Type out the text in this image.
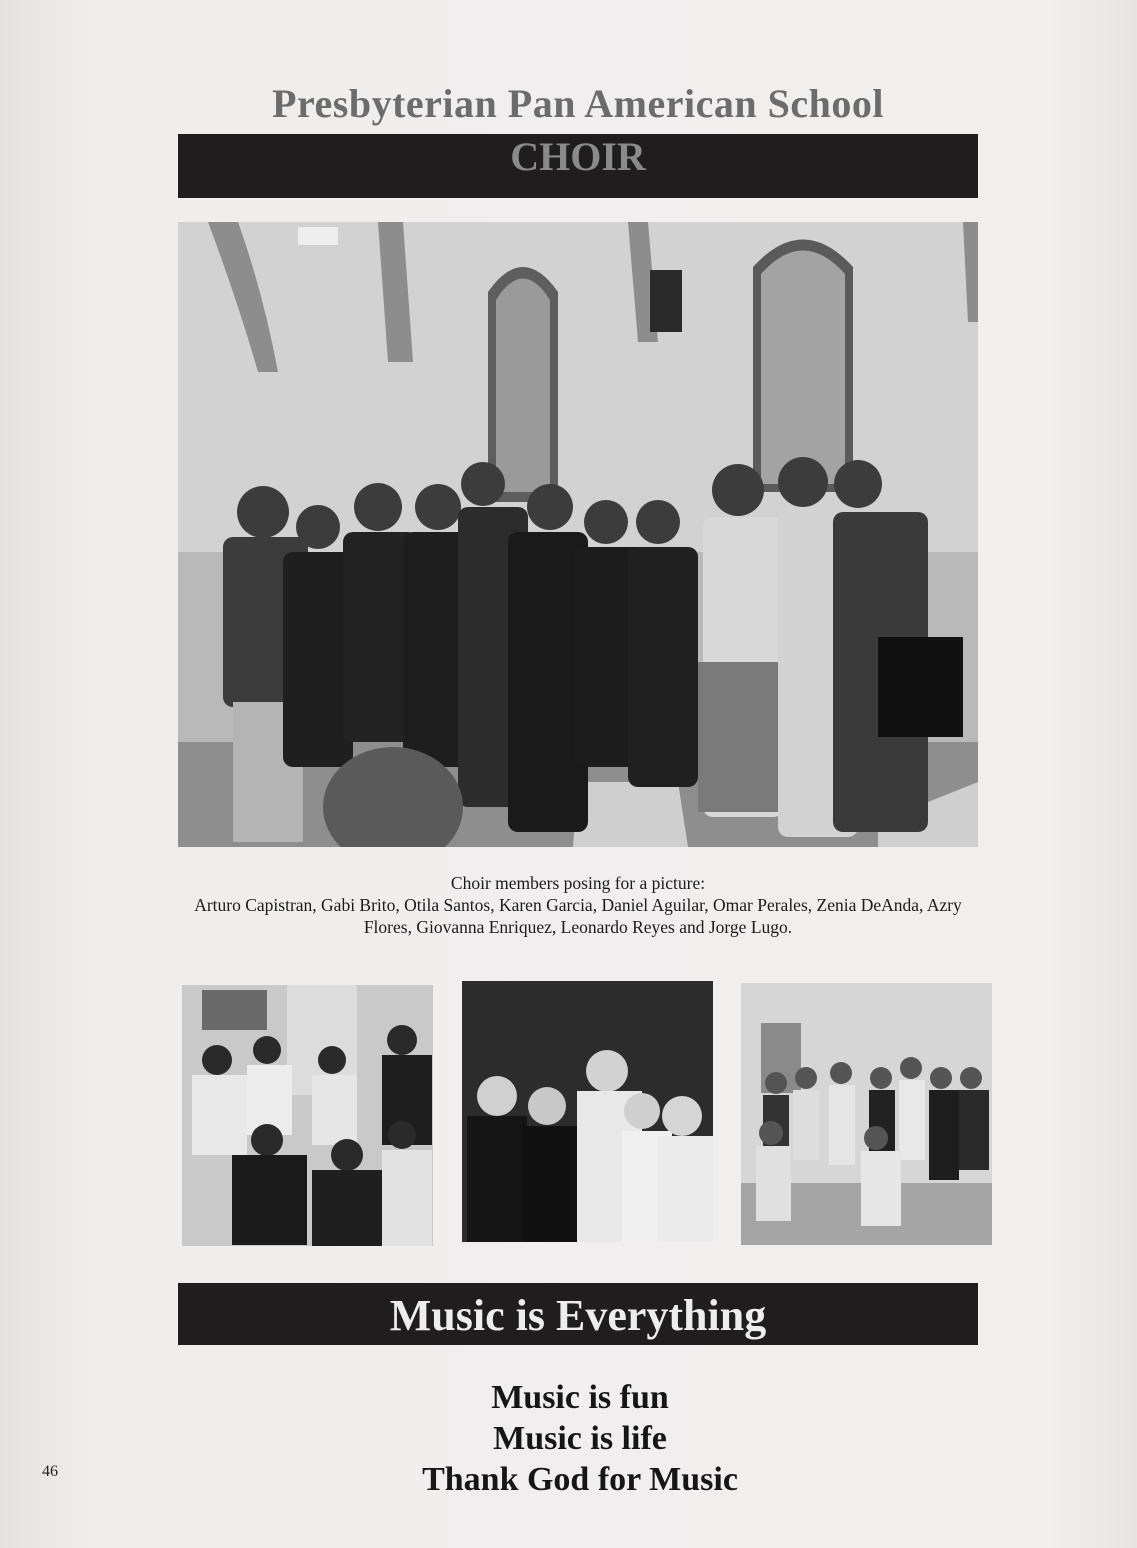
Presbyterian Pan American School
CHOIR
Choir members posing for a picture:
Arturo Capistran, Gabi Brito, Otila Santos, Karen Garcia, Daniel Aguilar, Omar Perales, Zenia DeAnda, Azry Flores, Giovanna Enriquez, Leonardo Reyes and Jorge Lugo.
Music is Everything
Music is fun
Music is life
Thank God for Music
46
